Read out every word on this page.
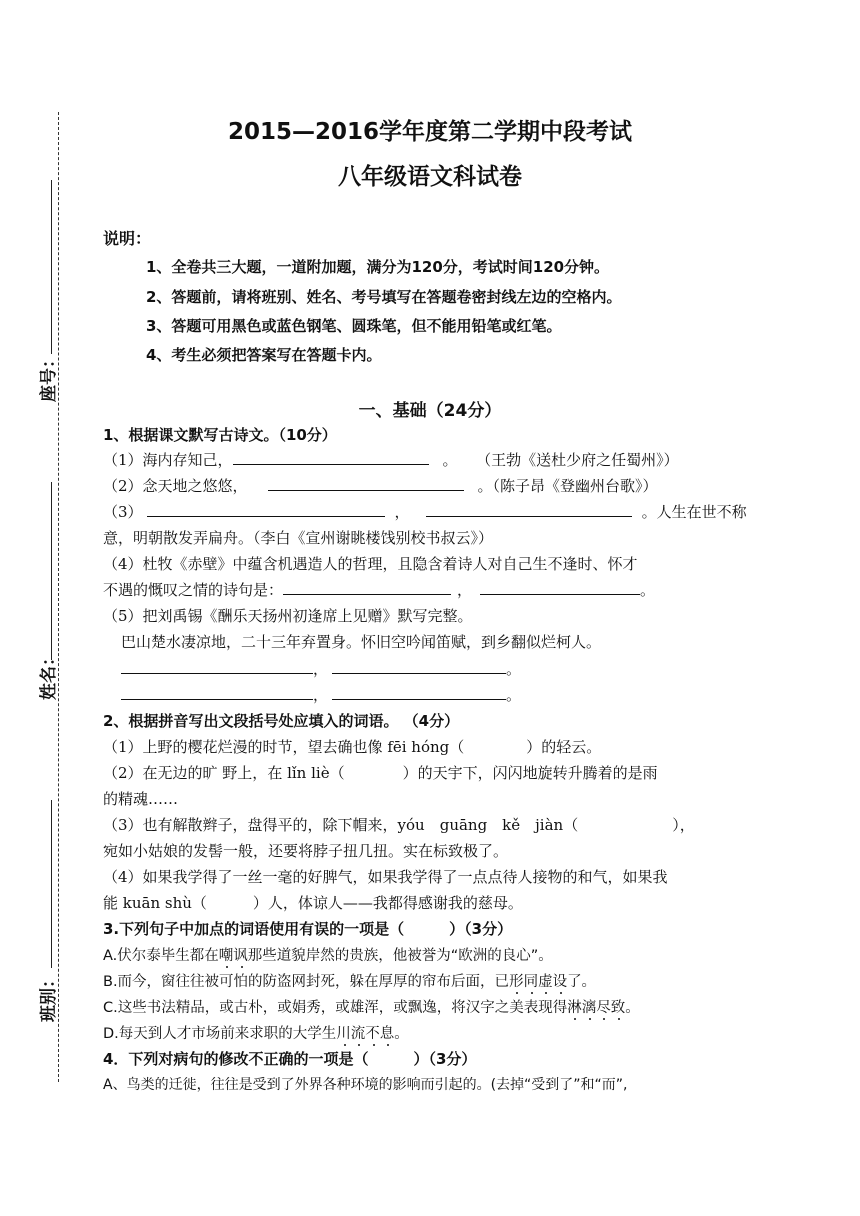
座号：
姓名：
班别：
2015—2016学年度第二学期中段考试
八年级语文科试卷
说明：
1、全卷共三大题，一道附加题，满分为120分，考试时间120分钟。
2、答题前，请将班别、姓名、考号填写在答题卷密封线左边的空格内。
3、答题可用黑色或蓝色钢笔、圆珠笔，但不能用铅笔或红笔。
4、考生必须把答案写在答题卡内。
一、基础（24分）
1、根据课文默写古诗文。（10分）
（1）海内存知己，	。 （王勃《送杜少府之任蜀州》）
（2）念天地之悠悠，	。（陈子昂《登幽州台歌》）
（3）	，	。人生在世不称
意，明朝散发弄扁舟。（李白《宣州谢眺楼饯别校书叔云》）
（4）杜牧《赤壁》中蕴含机遇造人的哲理，且隐含着诗人对自己生不逢时、怀才
不遇的慨叹之情的诗句是：	，	。
（5）把刘禹锡《酬乐天扬州初逢席上见赠》默写完整。
巴山楚水凄凉地，二十三年弃置身。怀旧空吟闻笛赋，到乡翻似烂柯人。
，	。
，	。
2、根据拼音写出文段括号处应填入的词语。 （4分）
（1）上野的樱花烂漫的时节，望去确也像 fēi hóng（	）的轻云。
（2）在无边的旷 野上，在 lǐn liè（	）的天宇下，闪闪地旋转升腾着的是雨
的精魂……
（3）也有解散辫子，盘得平的，除下帽来，yóu　guāng　kě　jiàn（	），
宛如小姑娘的发髻一般，还要将脖子扭几扭。实在标致极了。
（4）如果我学得了一丝一毫的好脾气，如果我学得了一点点待人接物的和气，如果我
能 kuān shù（	）人，体谅人——我都得感谢我的慈母。
3.下列句子中加点的词语使用有误的一项是（　　　）（3分）
A.伏尔泰毕生都在嘲讽那些道貌岸然的贵族，他被誉为“欧洲的良心”。
B.而今，窗往往被可怕的防盗网封死，躲在厚厚的帘布后面，已形同虚设了。
C.这些书法精品，或古朴，或娟秀，或雄浑，或飘逸，将汉字之美表现得淋漓尽致。
D.每天到人才市场前来求职的大学生川流不息。
4．下列对病句的修改不正确的一项是（　　　）（3分）
A、鸟类的迁徙，往往是受到了外界各种环境的影响而引起的。(去掉“受到了”和“而”,
